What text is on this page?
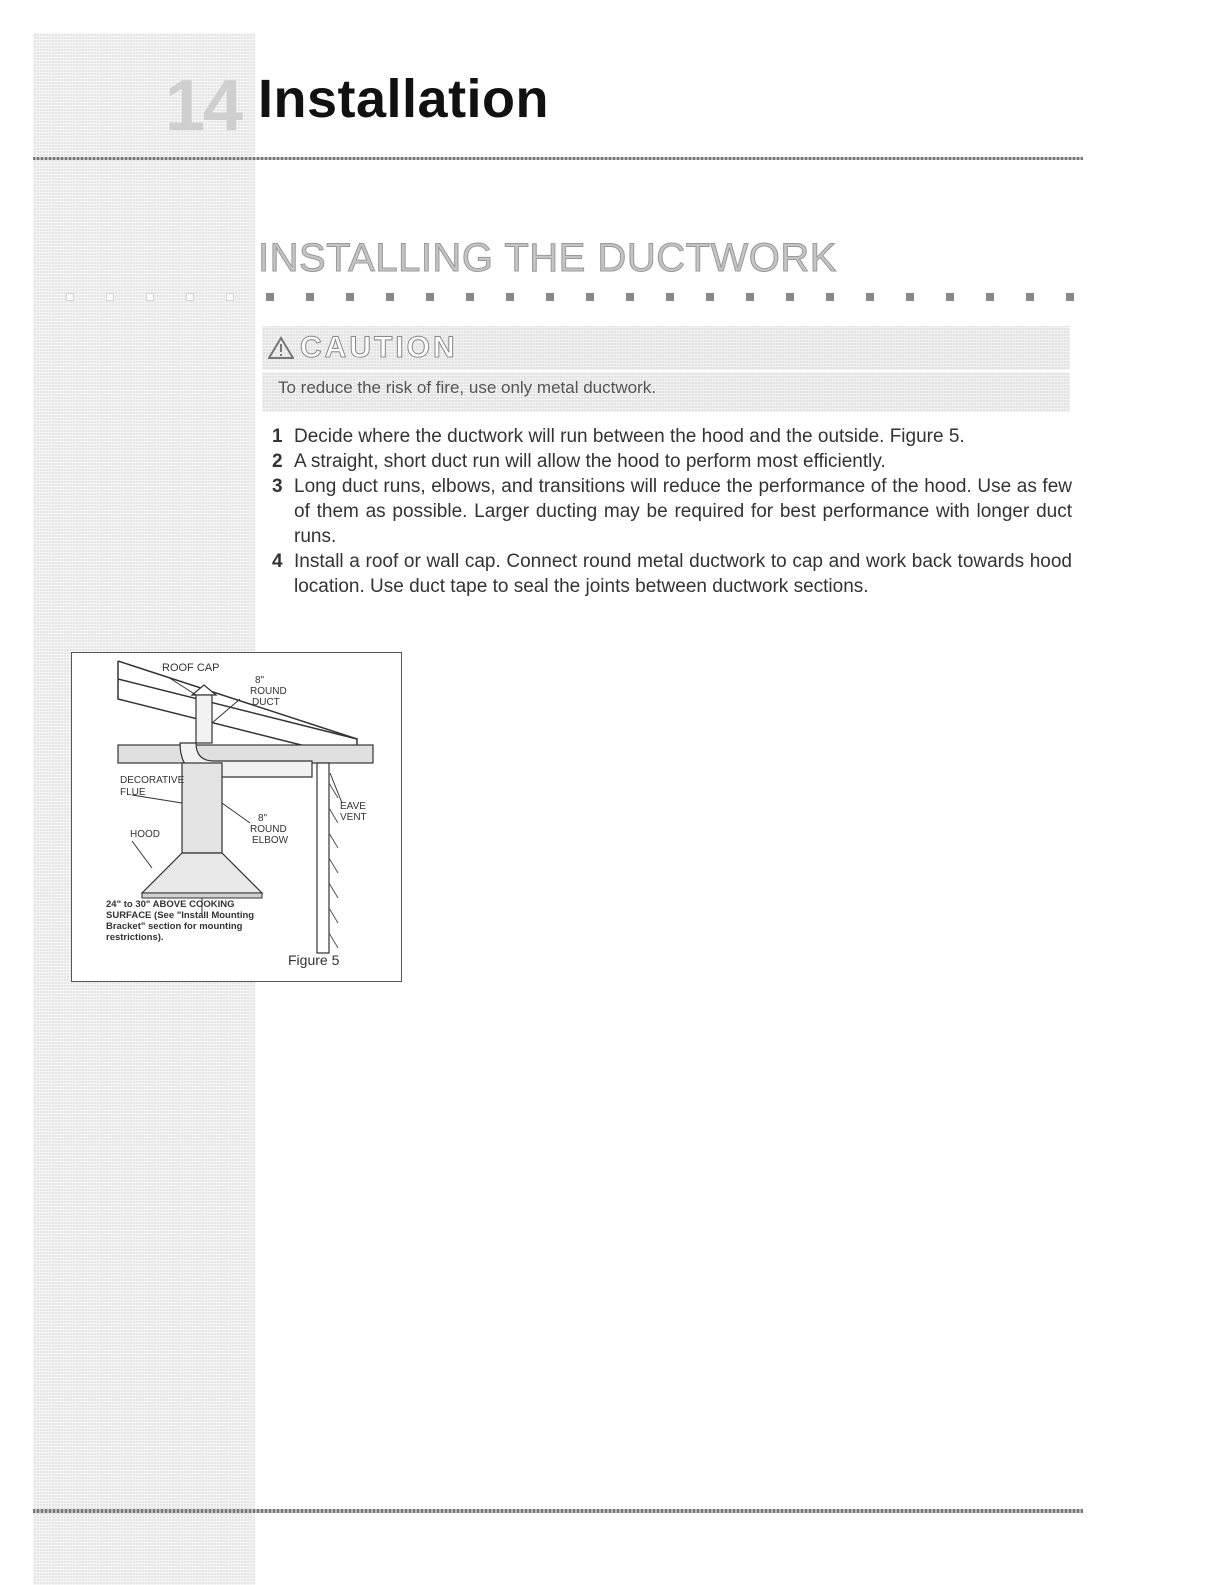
14 Installation
INSTALLING THE DUCTWORK
CAUTION
To reduce the risk of fire, use only metal ductwork.
1 Decide where the ductwork will run between the hood and the outside. Figure 5.
2 A straight, short duct run will allow the hood to perform most efficiently.
3 Long duct runs, elbows, and transitions will reduce the performance of the hood. Use as few of them as possible. Larger ducting may be required for best performance with longer duct runs.
4 Install a roof or wall cap. Connect round metal ductwork to cap and work back towards hood location. Use duct tape to seal the joints between ductwork sections.
ROOF CAP
8"
ROUND
DUCT
DECORATIVE
FLUE
EAVE
VENT
8"
ROUND
ELBOW
HOOD
24" to 30" ABOVE COOKING
SURFACE (See "Install Mounting
Bracket" section for mounting
restrictions).
Figure 5
